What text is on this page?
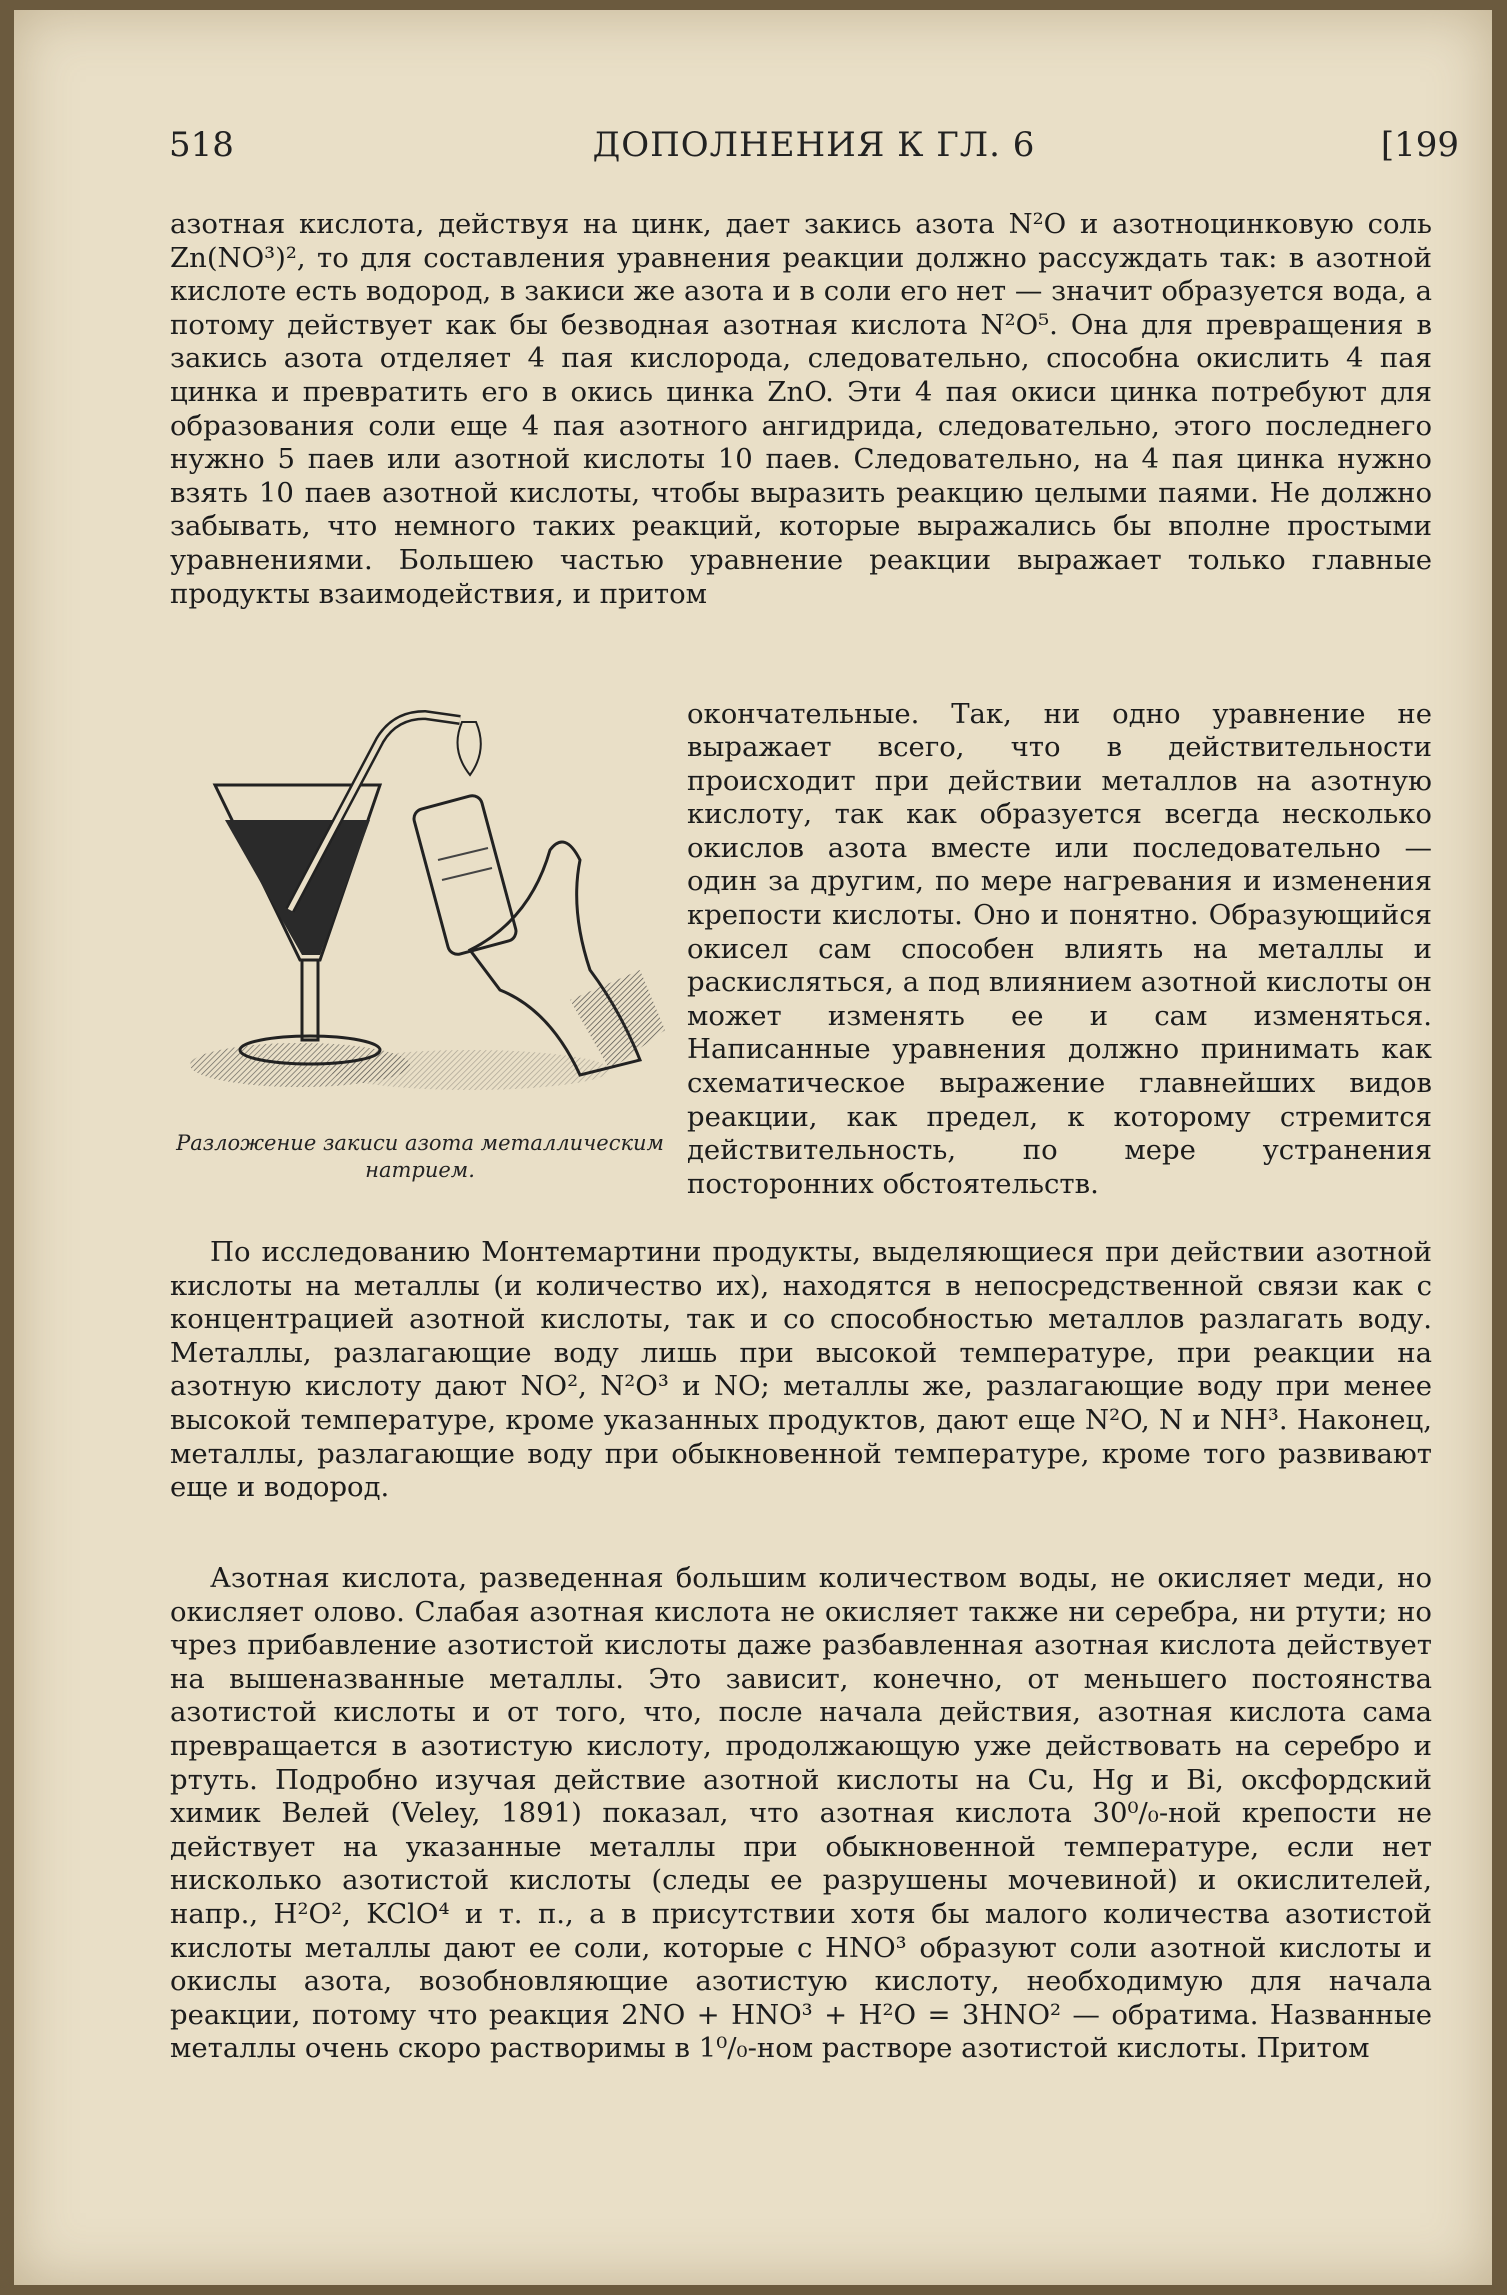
518	ДОПОЛНЕНИЯ К ГЛ. 6	[199

азотная кислота, действуя на цинк, дает закись азота N²O и азотноцинковую соль Zn(NO³)², то для составления уравнения реакции должно рассуждать так: в азотной кислоте есть водород, в закиси же азота и в соли его нет — значит образуется вода, а потому действует как бы безводная азотная кислота N²O⁵. Она для превращения в закись азота отделяет 4 пая кислорода, следовательно, способна окислить 4 пая цинка и превратить его в окись цинка ZnO. Эти 4 пая окиси цинка потребуют для образования соли еще 4 пая азотного ангидрида, следовательно, этого последнего нужно 5 паев или азотной кислоты 10 паев. Следовательно, на 4 пая цинка нужно взять 10 паев азотной кислоты, чтобы выразить реакцию целыми паями. Не должно забывать, что немного таких реакций, которые выражались бы вполне простыми уравнениями. Большею частью уравнение реакции выражает только главные продукты взаимодействия, и притом

Разложение закиси азота металлическим натрием.

окончательные. Так, ни одно уравнение не выражает всего, что в действительности происходит при действии металлов на азотную кислоту, так как образуется всегда несколько окислов азота вместе или последовательно — один за другим, по мере нагревания и изменения крепости кислоты. Оно и понятно. Образующийся окисел сам способен влиять на металлы и раскисляться, а под влиянием азотной кислоты он может изменять ее и сам изменяться. Написанные уравнения должно принимать как схематическое выражение главнейших видов реакции, как предел, к которому стремится действительность, по мере устранения посторонних обстоятельств.

По исследованию Монтемартини продукты, выделяющиеся при действии азотной кислоты на металлы (и количество их), находятся в непосредственной связи как с концентрацией азотной кислоты, так и со способностью металлов разлагать воду. Металлы, разлагающие воду лишь при высокой температуре, при реакции на азотную кислоту дают NO², N²O³ и NO; металлы же, разлагающие воду при менее высокой температуре, кроме указанных продуктов, дают еще N²O, N и NH³. Наконец, металлы, разлагающие воду при обыкновенной температуре, кроме того развивают еще и водород.

Азотная кислота, разведенная большим количеством воды, не окисляет меди, но окисляет олово. Слабая азотная кислота не окисляет также ни серебра, ни ртути; но чрез прибавление азотистой кислоты даже разбавленная азотная кислота действует на вышеназванные металлы. Это зависит, конечно, от меньшего постоянства азотистой кислоты и от того, что, после начала действия, азотная кислота сама превращается в азотистую кислоту, продолжающую уже действовать на серебро и ртуть. Подробно изучая действие азотной кислоты на Cu, Hg и Bi, оксфордский химик Велей (Veley, 1891) показал, что азотная кислота 30⁰/₀-ной крепости не действует на указанные металлы при обыкновенной температуре, если нет нисколько азотистой кислоты (следы ее разрушены мочевиной) и окислителей, напр., H²O², KClO⁴ и т. п., а в присутствии хотя бы малого количества азотистой кислоты металлы дают ее соли, которые с HNO³ образуют соли азотной кислоты и окислы азота, возобновляющие азотистую кислоту, необходимую для начала реакции, потому что реакция 2NO + HNO³ + H²O = 3HNO² — обратима. Названные металлы очень скоро растворимы в 1⁰/₀-ном растворе азотистой кислоты. Притом
